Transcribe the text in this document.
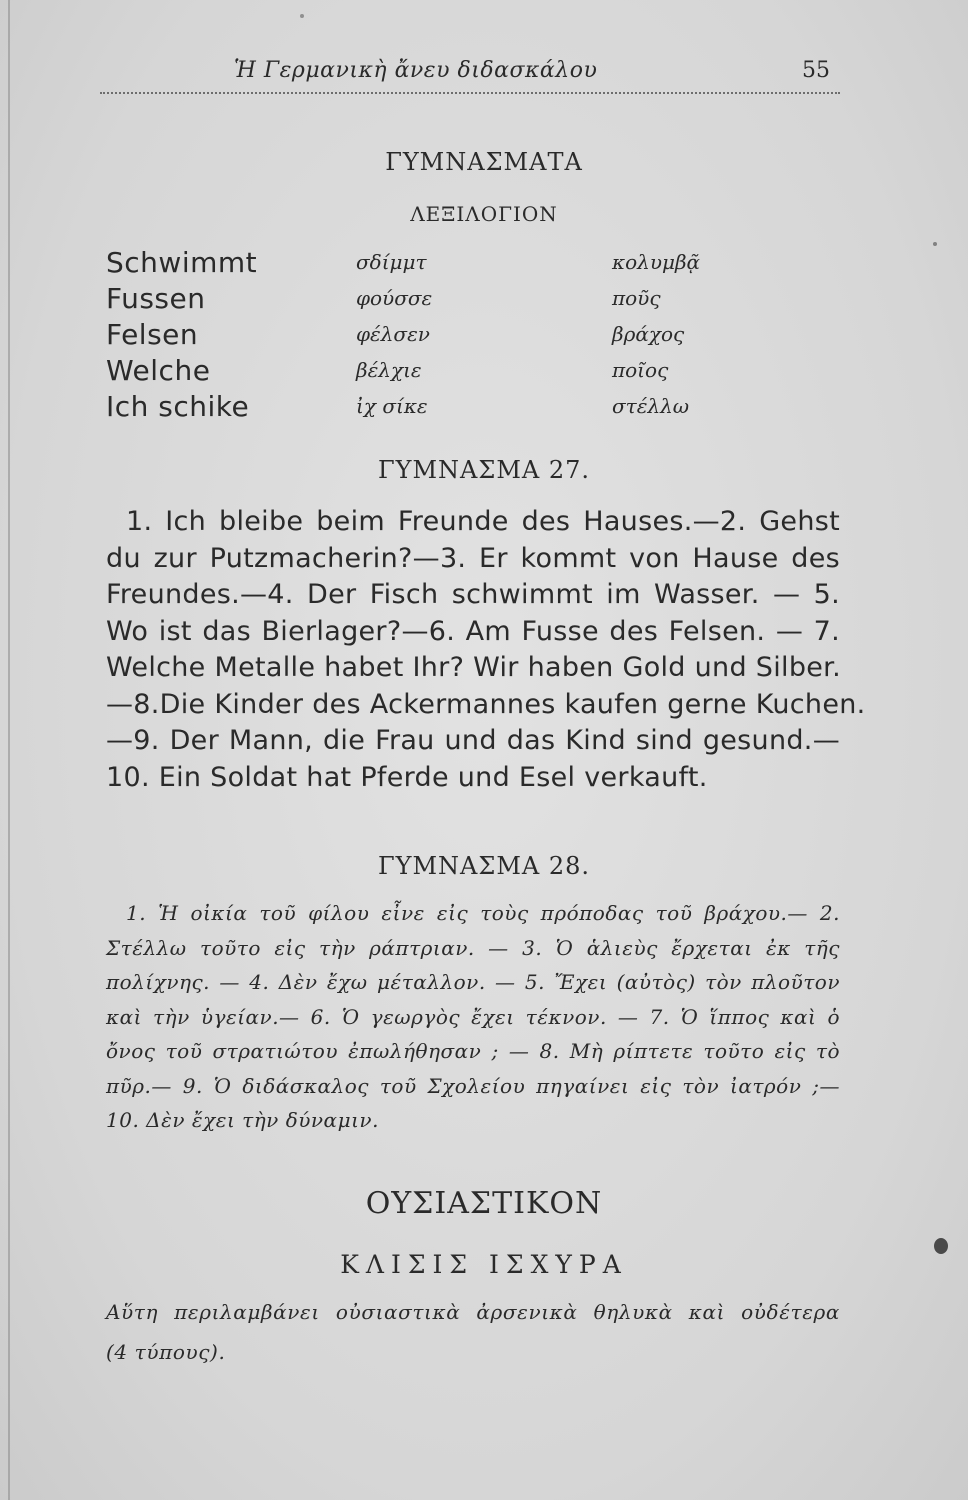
Ἡ Γερμανικὴ ἄνευ διδασκάλου	55
ΓΥΜΝΑΣΜΑΤΑ
ΛΕΞΙΛΟΓΙΟΝ
Schwimmt	σδίμμτ	κολυμβᾷ
Fussen	φούσσε	ποῦς
Felsen	φέλσεν	βράχος
Welche	βέλχιε	ποῖος
Ich schike	ἰχ σίκε	στέλλω
ΓΥΜΝΑΣΜΑ 27.
1. Ich bleibe beim Freunde des Hauses.—2. Gehst
du zur Putzmacherin?—3. Er kommt von Hause des
Freundes.—4. Der Fisch schwimmt im Wasser. — 5.
Wo ist das Bierlager?—6. Am Fusse des Felsen. — 7.
Welche Metalle habet Ihr? Wir haben Gold und Silber.
—8.Die Kinder des Ackermannes kaufen gerne Kuchen.
—9. Der Mann, die Frau und das Kind sind gesund.—
10. Ein Soldat hat Pferde und Esel verkauft.
ΓΥΜΝΑΣΜΑ 28.
1. Ἡ οἰκία τοῦ φίλου εἶνε εἰς τοὺς πρόποδας τοῦ βράχου.— 2.
Στέλλω τοῦτο εἰς τὴν ράπτριαν. — 3. Ὁ ἁλιεὺς ἔρχεται ἐκ τῆς
πολίχνης. — 4. Δὲν ἔχω μέταλλον. — 5. Ἔχει (αὐτὸς) τὸν πλοῦτον
καὶ τὴν ὑγείαν.— 6. Ὁ γεωργὸς ἔχει τέκνον. — 7. Ὁ ἵππος καὶ ὁ
ὄνος τοῦ στρατιώτου ἐπωλήθησαν ; — 8. Μὴ ρίπτετε τοῦτο εἰς τὸ
πῦρ.— 9. Ὁ διδάσκαλος τοῦ Σχολείου πηγαίνει εἰς τὸν ἰατρόν ;—
10. Δὲν ἔχει τὴν δύναμιν.
ΟΥΣΙΑΣΤΙΚΟΝ
ΚΛΙΣΙΣ ΙΣΧΥΡΑ
Αὕτη περιλαμβάνει οὐσιαστικὰ ἀρσενικὰ θηλυκὰ καὶ οὐδέτερα
(4 τύπους).
